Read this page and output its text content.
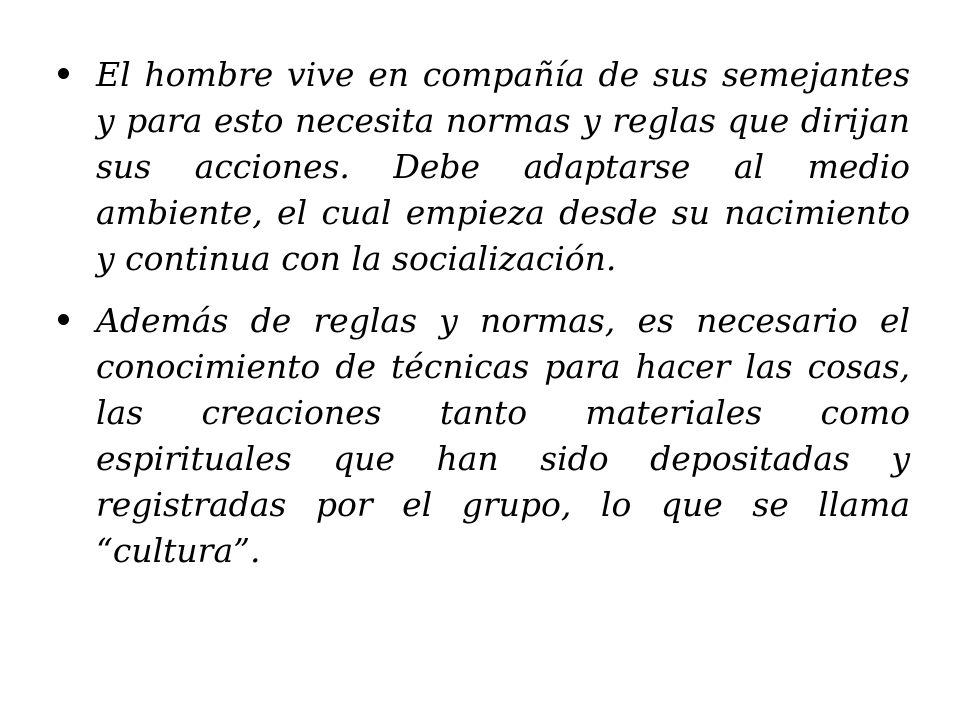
El hombre vive en compañía de sus semejantes y para esto necesita normas y reglas que dirijan sus acciones. Debe adaptarse al medio ambiente, el cual empieza desde su nacimiento y continua con la socialización.

Además de reglas y normas, es necesario el conocimiento de técnicas para hacer las cosas, las creaciones tanto materiales como espirituales que han sido depositadas y registradas por el grupo, lo que se llama “cultura”.
